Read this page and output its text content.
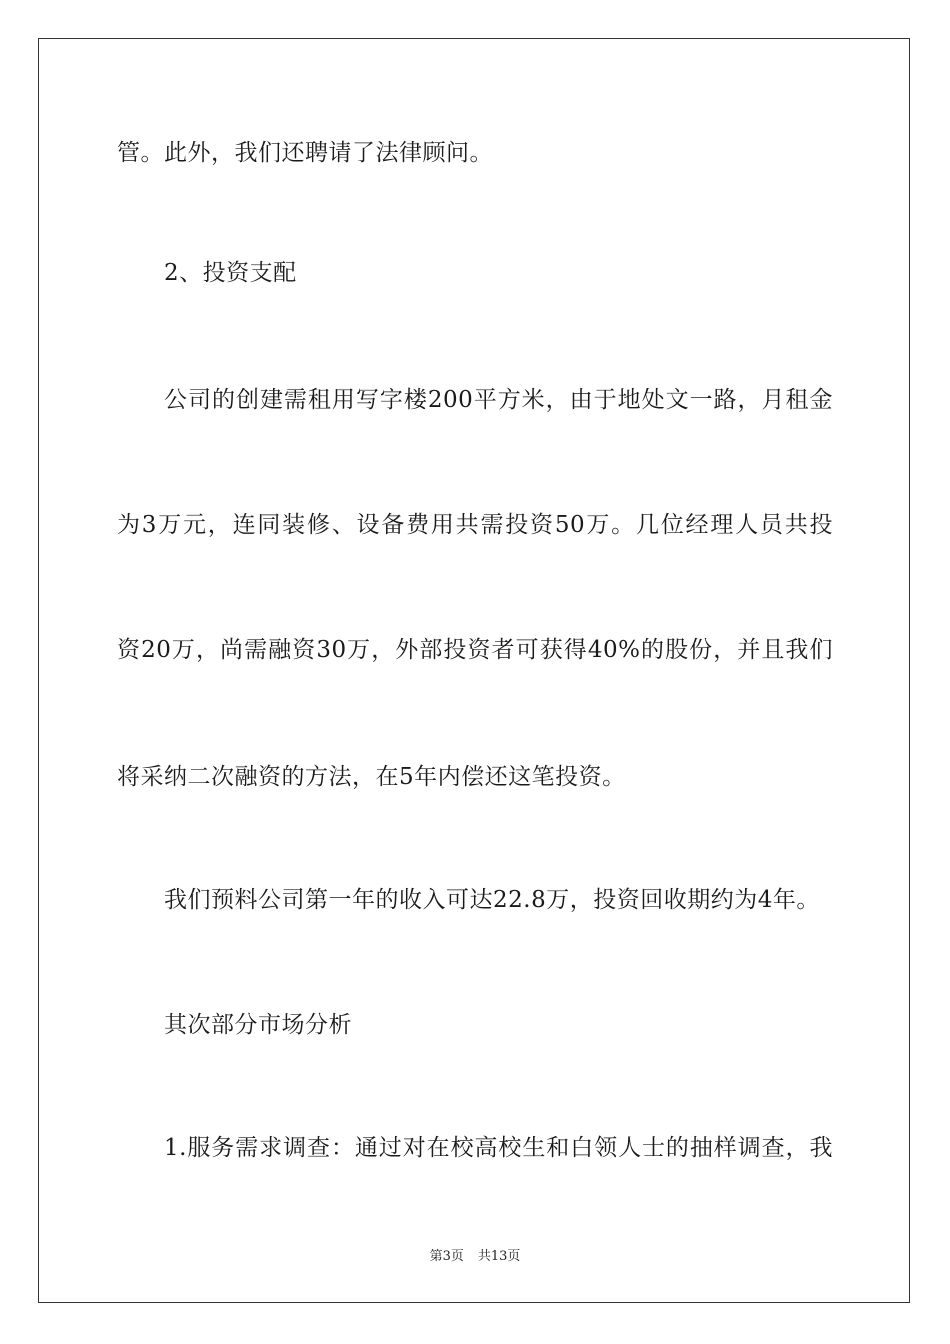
管。此外，我们还聘请了法律顾问。
2、投资支配
公司的创建需租用写字楼200平方米，由于地处文一路，月租金
为3万元，连同装修、设备费用共需投资50万。几位经理人员共投
资20万，尚需融资30万，外部投资者可获得40%的股份，并且我们
将采纳二次融资的方法，在5年内偿还这笔投资。
我们预料公司第一年的收入可达22.8万，投资回收期约为4年。
其次部分市场分析
1.服务需求调查：通过对在校高校生和白领人士的抽样调查，我
第3页 共13页
